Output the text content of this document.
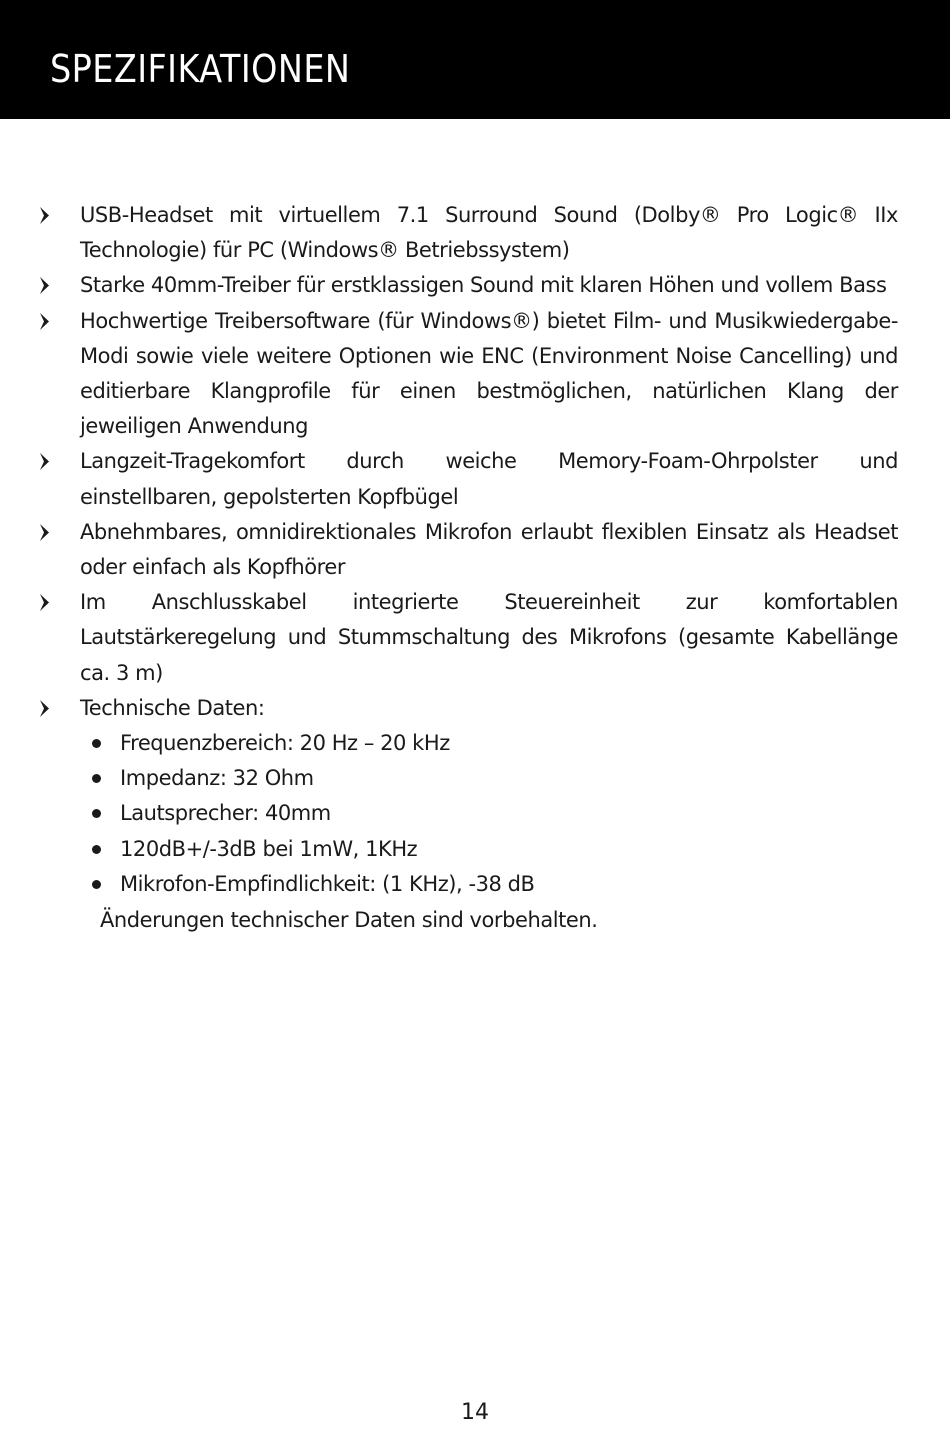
SPEZIFIKATIONEN
USB-Headset mit virtuellem 7.1 Surround Sound (Dolby® Pro Logic® IIx Technologie) für PC (Windows® Betriebssystem)
Starke 40mm-Treiber für erstklassigen Sound mit klaren Höhen und vollem Bass
Hochwertige Treibersoftware (für Windows®) bietet Film- und Musikwiedergabe-Modi sowie viele weitere Optionen wie ENC (Environment Noise Cancelling) und editierbare Klangprofile für einen bestmöglichen, natürlichen Klang der jeweiligen Anwendung
Langzeit-Tragekomfort durch weiche Memory-Foam-Ohrpolster und einstellbaren, gepolsterten Kopfbügel
Abnehmbares, omnidirektionales Mikrofon erlaubt flexiblen Einsatz als Headset oder einfach als Kopfhörer
Im Anschlusskabel integrierte Steuereinheit zur komfortablen Lautstärkeregelung und Stummschaltung des Mikrofons (gesamte Kabellänge ca. 3 m)
Technische Daten:
Frequenzbereich: 20 Hz – 20 kHz
Impedanz: 32 Ohm
Lautsprecher: 40mm
120dB+/-3dB bei 1mW, 1KHz
Mikrofon-Empfindlichkeit: (1 KHz), -38 dB
Änderungen technischer Daten sind vorbehalten.
14
